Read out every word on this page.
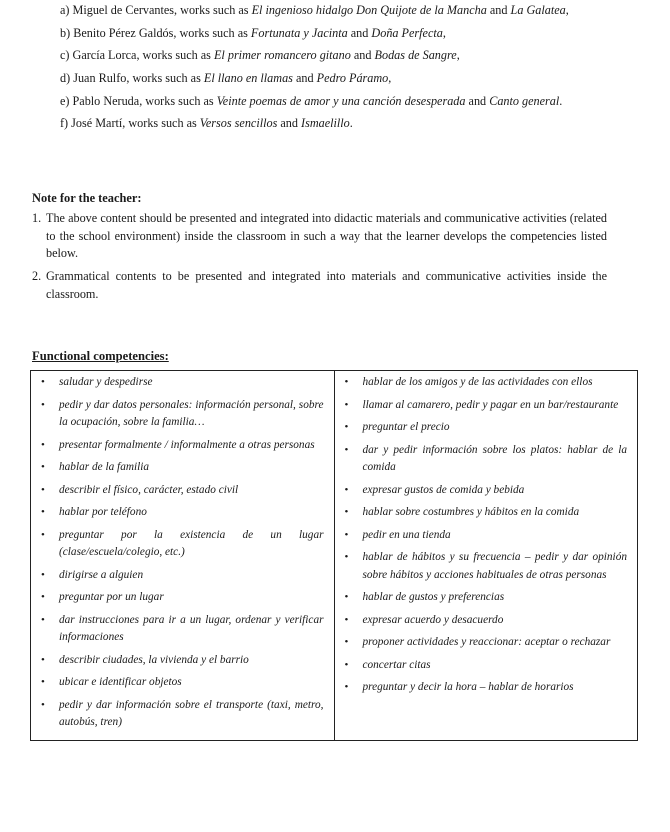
a) Miguel de Cervantes, works such as El ingenioso hidalgo Don Quijote de la Mancha and La Galatea,
b) Benito Pérez Galdós, works such as Fortunata y Jacinta and Doña Perfecta,
c) García Lorca, works such as El primer romancero gitano and Bodas de Sangre,
d) Juan Rulfo, works such as El llano en llamas and Pedro Páramo,
e) Pablo Neruda, works such as Veinte poemas de amor y una canción desesperada and Canto general.
f) José Martí, works such as Versos sencillos and Ismaelillo.

Note for the teacher:

1. The above content should be presented and integrated into didactic materials and communicative activities (related to the school environment) inside the classroom in such a way that the learner develops the competencies listed below.
2. Grammatical contents to be presented and integrated into materials and communicative activities inside the classroom.

Functional competencies:

• saludar y despedirse
• pedir y dar datos personales: información personal, sobre la ocupación, sobre la familia…
• presentar formalmente / informalmente a otras personas
• hablar de la familia
• describir el físico, carácter, estado civil
• hablar por teléfono
• preguntar por la existencia de un lugar (clase/escuela/colegio, etc.)
• dirigirse a alguien
• preguntar por un lugar
• dar instrucciones para ir a un lugar, ordenar y verificar informaciones
• describir ciudades, la vivienda y el barrio
• ubicar e identificar objetos
• pedir y dar información sobre el transporte (taxi, metro, autobús, tren)

• hablar de los amigos y de las actividades con ellos
• llamar al camarero, pedir y pagar en un bar/restaurante
• preguntar el precio
• dar y pedir información sobre los platos: hablar de la comida
• expresar gustos de comida y bebida
• hablar sobre costumbres y hábitos en la comida
• pedir en una tienda
• hablar de hábitos y su frecuencia – pedir y dar opinión sobre hábitos y acciones habituales de otras personas
• hablar de gustos y preferencias
• expresar acuerdo y desacuerdo
• proponer actividades y reaccionar: aceptar o rechazar
• concertar citas
• preguntar y decir la hora – hablar de horarios
